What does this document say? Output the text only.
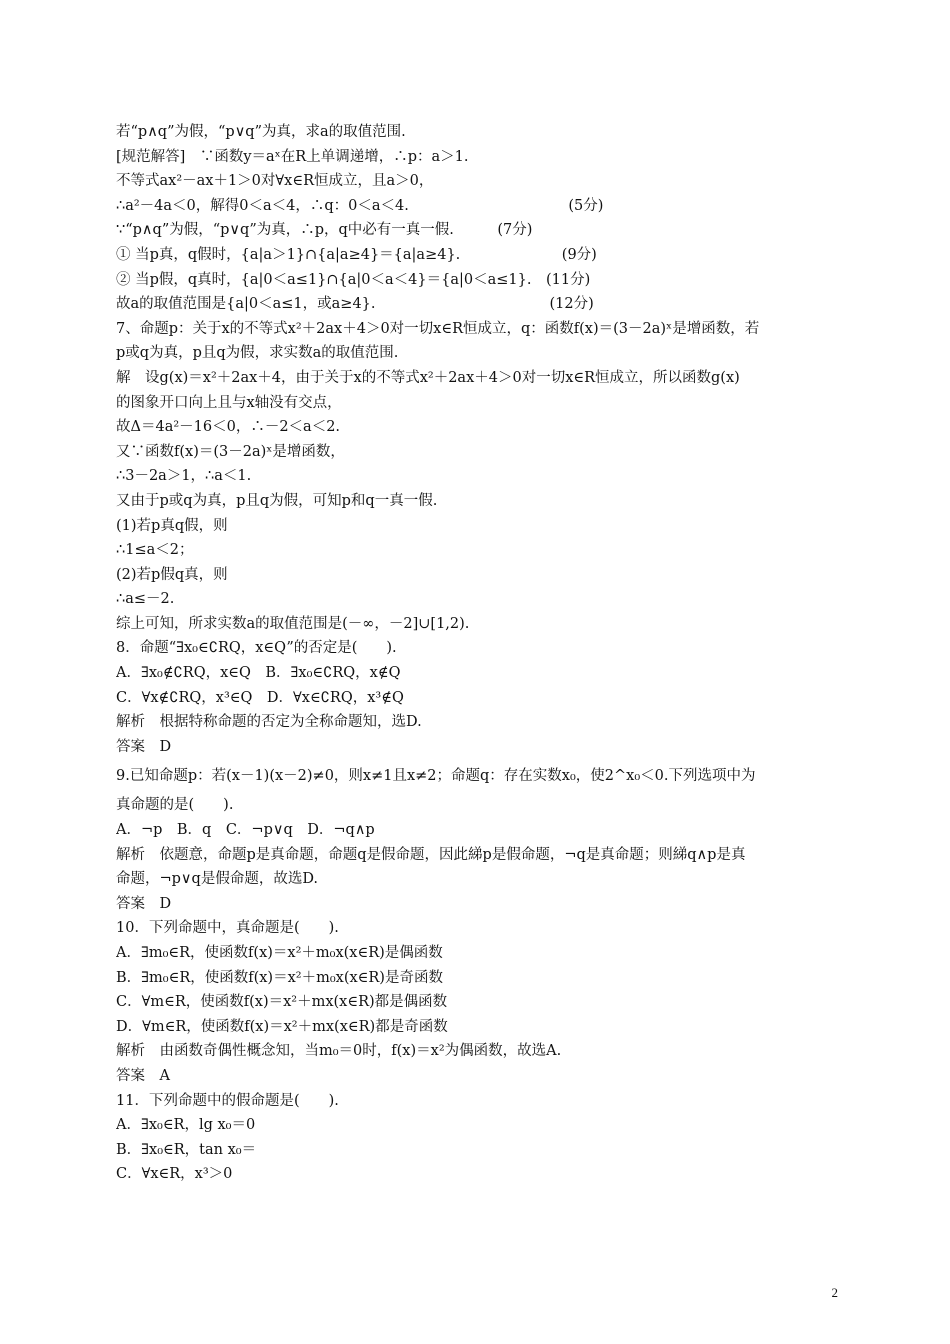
若“p∧q”为假，“p∨q”为真，求a的取值范围.
[规范解答]　∵函数y＝aˣ在R上单调递增，∴p：a＞1.
不等式ax²－ax＋1＞0对∀x∈R恒成立，且a＞0，
∴a²－4a＜0，解得0＜a＜4，∴q：0＜a＜4.　　　　　　　　　　　(5分)
∵“p∧q”为假，“p∨q”为真，∴p，q中必有一真一假.　　　(7分)
① 当p真，q假时，{a|a＞1}∩{a|a≥4}＝{a|a≥4}.　　　　　　　(9分)
② 当p假，q真时，{a|0＜a≤1}∩{a|0＜a＜4}＝{a|0＜a≤1}.　(11分)
故a的取值范围是{a|0＜a≤1，或a≥4}.　　　　　　　　　　　　(12分)
7、命题p：关于x的不等式x²＋2ax＋4＞0对一切x∈R恒成立，q：函数f(x)＝(3－2a)ˣ是增函数，若
p或q为真，p且q为假，求实数a的取值范围.
解　设g(x)＝x²＋2ax＋4，由于关于x的不等式x²＋2ax＋4＞0对一切x∈R恒成立，所以函数g(x)
的图象开口向上且与x轴没有交点，
故Δ＝4a²－16＜0，∴－2＜a＜2.
又∵函数f(x)＝(3－2a)ˣ是增函数，
∴3－2a＞1，∴a＜1.
又由于p或q为真，p且q为假，可知p和q一真一假.
(1)若p真q假，则
∴1≤a＜2；
(2)若p假q真，则
∴a≤－2.
综上可知，所求实数a的取值范围是(－∞，－2]∪[1,2).
8．命题“∃x₀∈∁RQ，x∈Q”的否定是(　　).
A．∃x₀∉∁RQ，x∈Q　B．∃x₀∈∁RQ，x∉Q
C．∀x∉∁RQ，x³∈Q　D．∀x∈∁RQ，x³∉Q
解析　根据特称命题的否定为全称命题知，选D.
答案　D
9.已知命题p：若(x－1)(x－2)≠0，则x≠1且x≠2；命题q：存在实数x₀，使2^x₀＜0.下列选项中为
真命题的是(　　).
A．¬p　B．q　C．¬p∨q　D．¬q∧p
解析　依题意，命题p是真命题，命题q是假命题，因此綈p是假命题，¬q是真命题；则綈q∧p是真
命题，¬p∨q是假命题，故选D.
答案　D
10．下列命题中，真命题是(　　).
A．∃m₀∈R，使函数f(x)＝x²＋m₀x(x∈R)是偶函数
B．∃m₀∈R，使函数f(x)＝x²＋m₀x(x∈R)是奇函数
C．∀m∈R，使函数f(x)＝x²＋mx(x∈R)都是偶函数
D．∀m∈R，使函数f(x)＝x²＋mx(x∈R)都是奇函数
解析　由函数奇偶性概念知，当m₀＝0时，f(x)＝x²为偶函数，故选A.
答案　A
11．下列命题中的假命题是(　　).
A．∃x₀∈R，lg x₀＝0
B．∃x₀∈R，tan x₀＝
C．∀x∈R，x³＞0
2
